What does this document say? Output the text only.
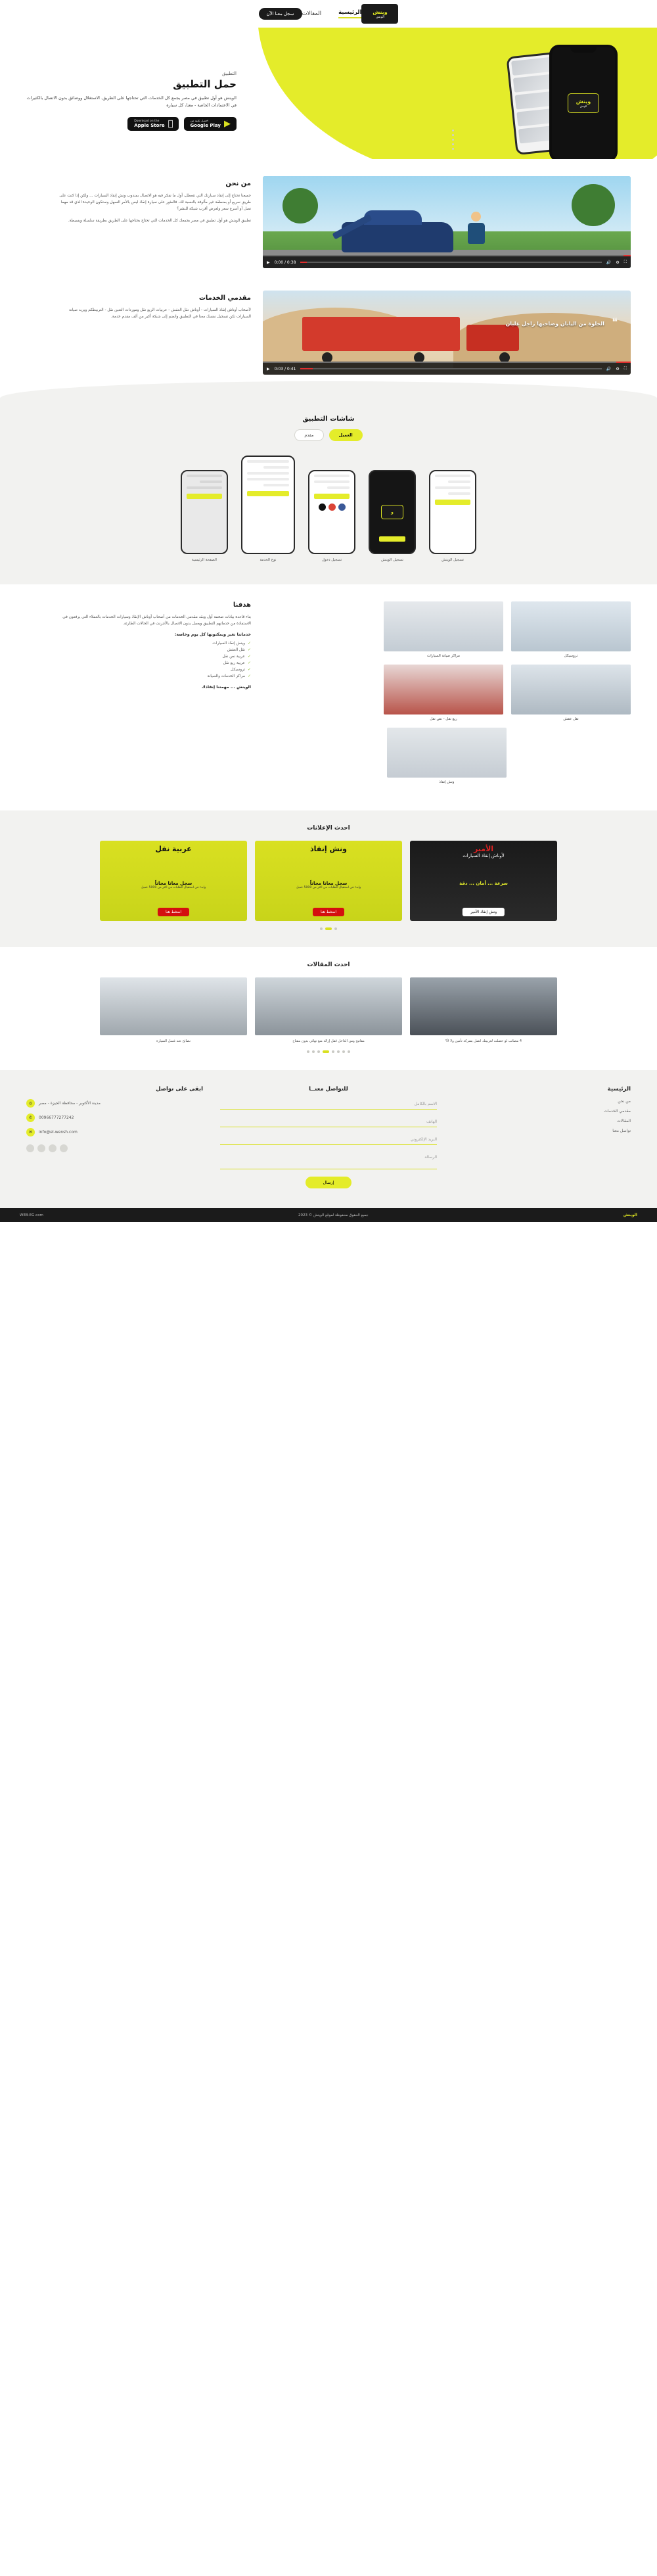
وينش
الونش
الرئيسية
المقالات
سجل معنا الآن
وينش
الونش
التطبيق
حمل التطبيق
الوينش هو أول تطبيق في مصر يجمع كل الخدمات التي تحتاجها على الطريق. الاستغلال ووضائق بدون الاتصال بالكثيرات في الاعتمادات الخاصة - معنا، كل سيارة
▶
احصل عليه من
Google Play
Download on the
Apple Store
▶ 0:00 / 0:38	🔊 ⚙ ⛶
من نحن
جميعنا تحتاج إلى إنقاذ سيارتك التي تتعطل، أول ما نفكر فيه هو الاتصال بمندوب ونش إنقاذ السيارات ... ولكن إذا كنت على طريق سريع أو بمنطقة غير مألوفة بالنسبة لك، فالعثور على سيارة إنقاذ ليس بالأمر السهل وستكون الوحيدة الذي قد مهما تصل أو أسرع سعر ولعرض أقرب شبكة للنشر؟
تطبيق الوينش هو أول تطبيق في مصر يجمعك كل الخدمات التي تحتاج يحتاجها على الطريق بطريقة سلسلة وبسيطة.
❝
الحلوة من اليابان وصاحبها راجل غلبان
▶ 0:03 / 0:41	🔊 ⚙ ⛶
مقدمي الخدمات
لأصحاب أوناش إنقاذ السيارات - أوناش نقل العفش - عربيات الربع نقل وموردات التعين نقل - التربيطكم ويزيد صيانة السيارات تكن تسجيل نفسك معنا في التطبيق وانضم إلى شبكة أكبر من ألف مقدم خدمة.
شاشات التطبيق
العميل
مقدم
تسجيل الوينش
و
تسجيل الوينش
تسجيل دخول
نوع الخدمة
الصفحة الرئيسية
تروسيكل
مراكز صيانة السيارات
نقل عفش
ربع نقل - نص نقل
ونش إنقاذ
هدفنا
بناء قاعدة بيانات ضخمة أول وبقد مقدمي الخدمات من أصحاب أوناش الإنقاذ وسيارات الخدمات بالعملاء التي يرفعون في الاستفادة من خدماتهم التطبيق ويعمل بدون الاتصال بالأنترنت في الحالات الطارئة.
خدماتنا تغير ويمكنونها كل يوم وخاصة:
✓ وينش إنقاذ السيارات
✓ نقل العفش
✓ عربية نص نقل
✓ عربية ربع نقل
✓ تروسيكل
✓ مراكز الخدمات والصيانة
الوينش ... مهمتنا إنقاذك
احدث الإعلانات
الأمير
لأوناش إنقاذ السيارات
سرعة ... أمان ... دقة
ونش إنقاذ الأمير
ونش إنقاذ
سجل معانا مجاناً
وابدء في استقبال الطلبات من اكثر من 5000 عميل
اضغط هنا
عربية نقل
سجل معانا مجاناً
وابدء في استقبال الطلبات من اكثر من 5000 عميل
اضغط هنا
احدث المقالات
4 مصائب لو حصلت لعربيتك اتصل بشركة تأمين ولا لأ؟
مفاتيح ومن الداخل قفل إزالة منع نهائي بدون مفتاح
نصائح عند غسل السيارة
الرئيسية
من نحن
مقدمي الخدمات
المقالات
تواصل معنا
للتواصل معنــا
الاسم بالكامل
الهاتف
البريد الإلكتروني
الرسالة
إرسال
ابقى على تواصل
مدينة الأكتوبر - محافظة الجيزة - مصر
◎
00966777277242
✆
info@el-wensh.com
✉
الوينش
جميع الحقوق محفوظة لموقع الوينش © 2023
WEB-EG.com
